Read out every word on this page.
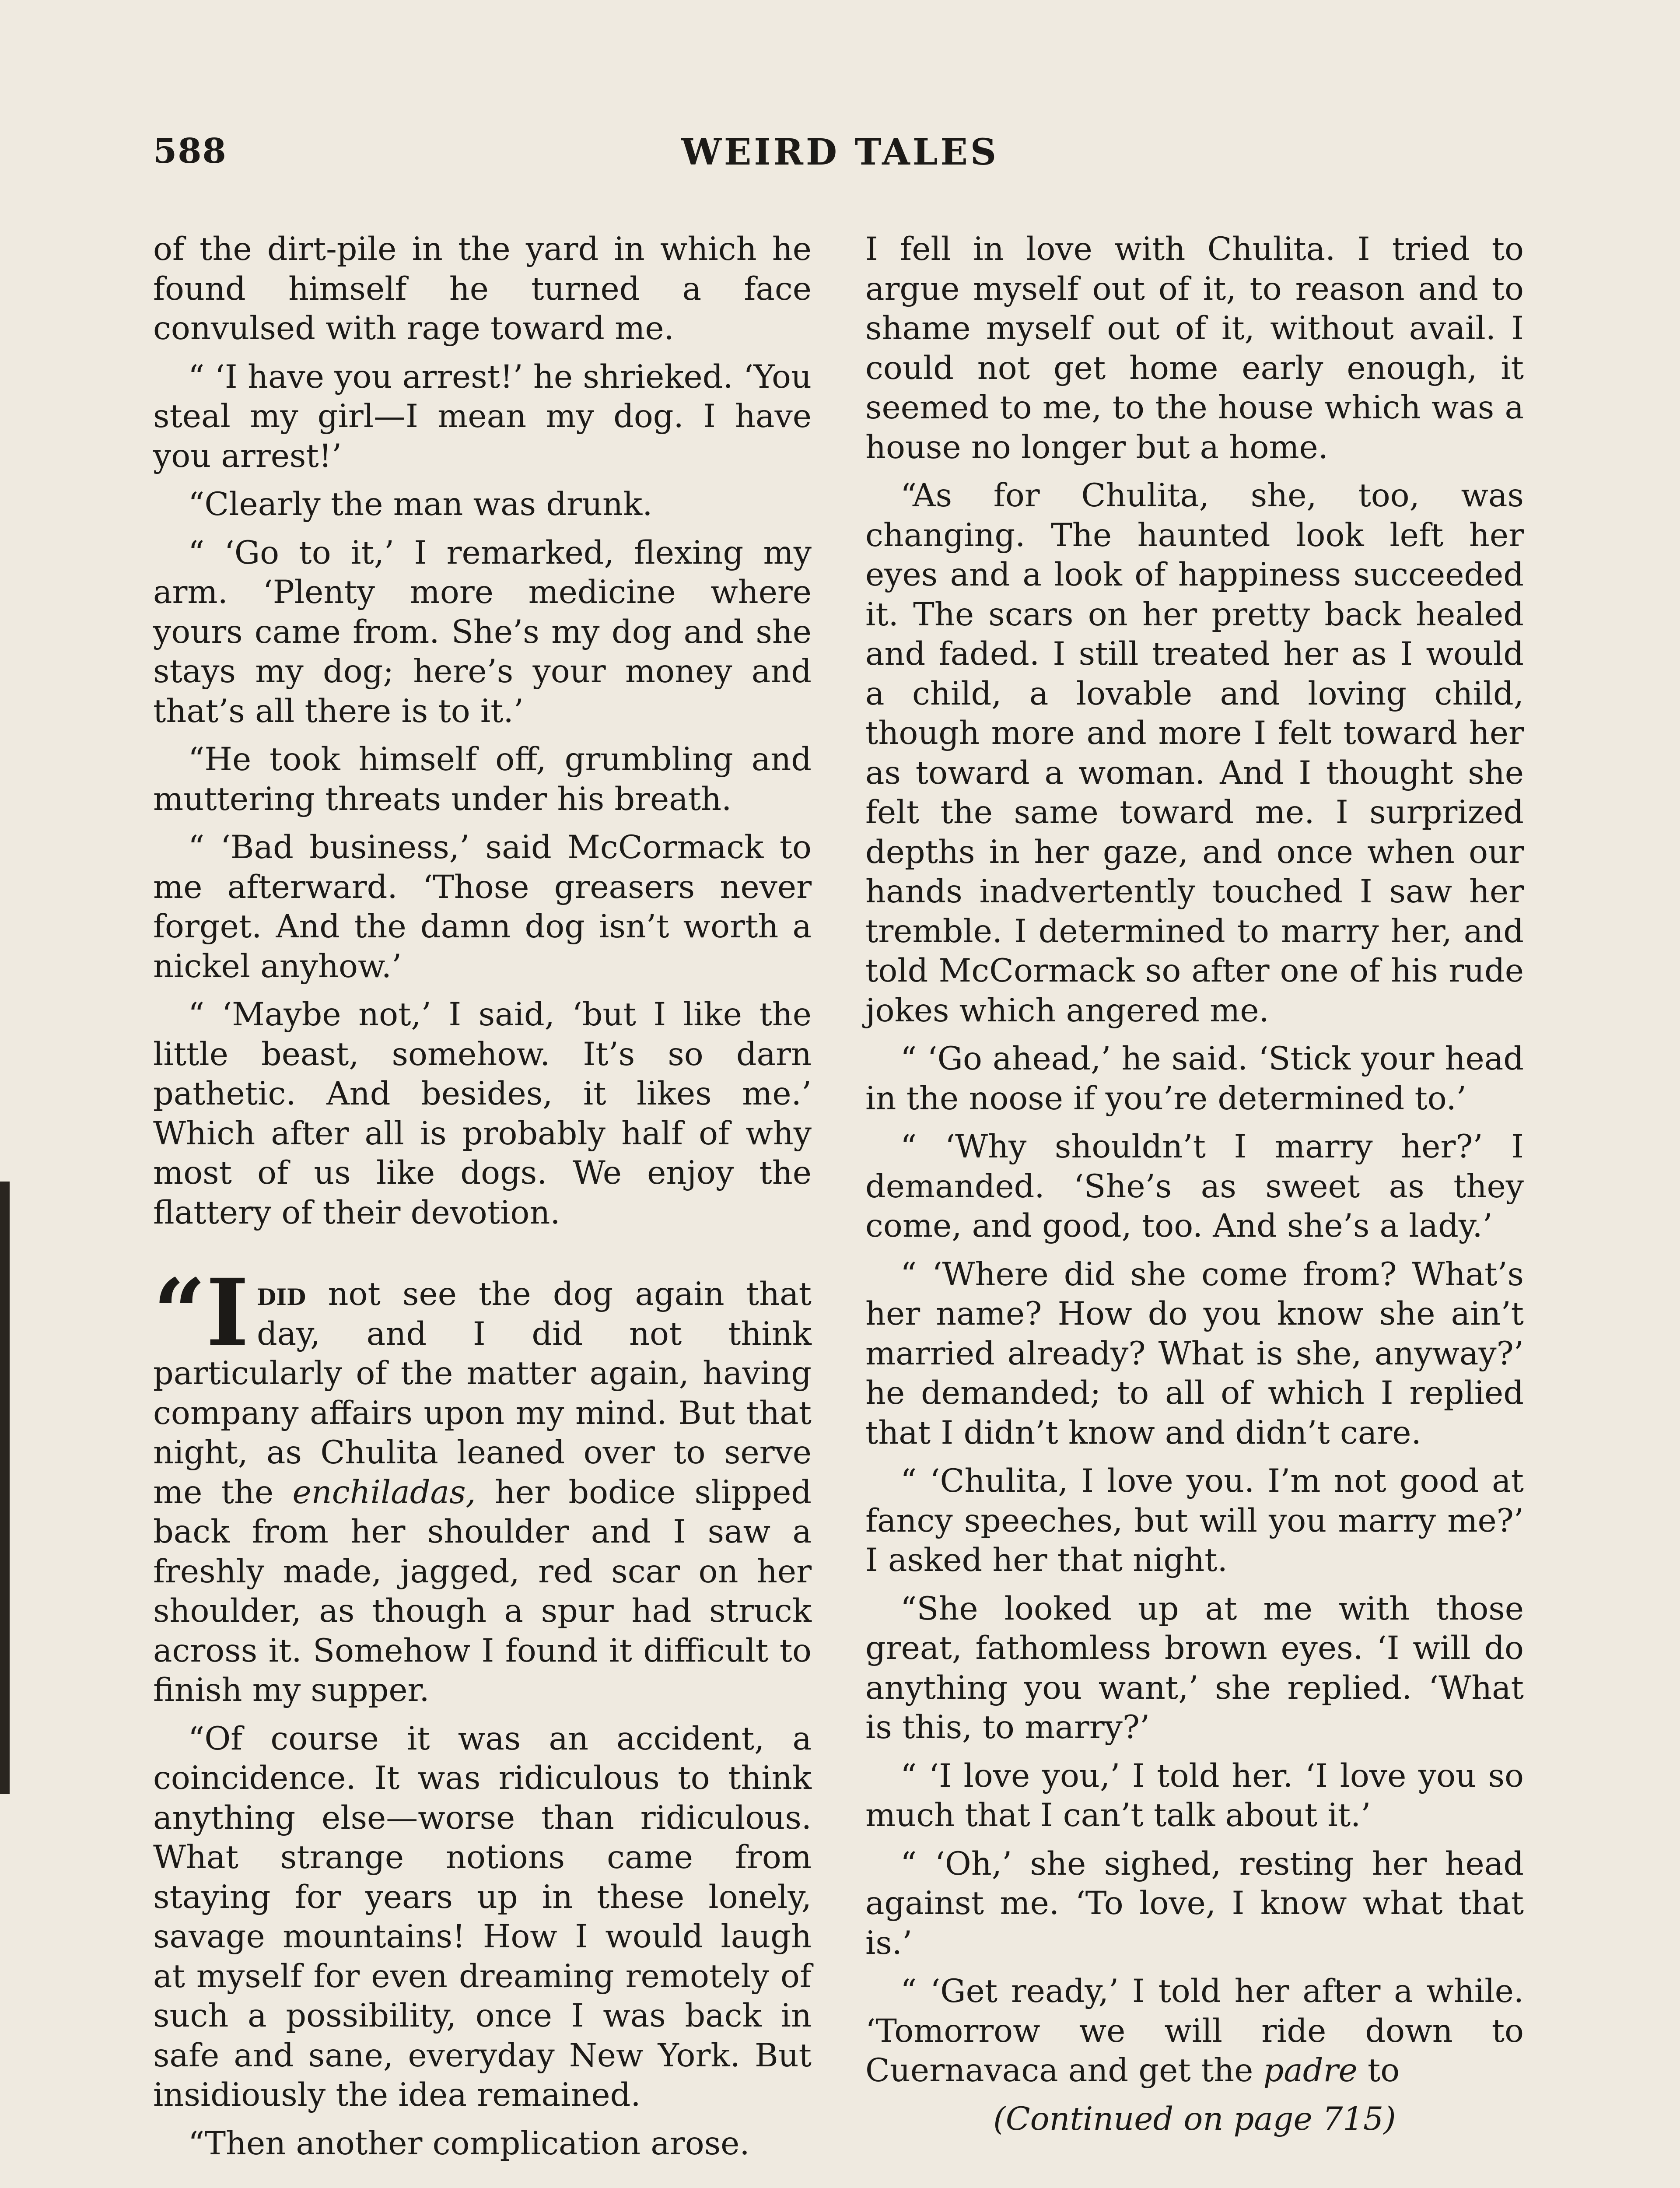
588	WEIRD TALES

of the dirt-pile in the yard in which he found himself he turned a face convulsed with rage toward me.

“ ‘I have you arrest!’ he shrieked. ‘You steal my girl—I mean my dog. I have you arrest!’

“Clearly the man was drunk.

“ ‘Go to it,’ I remarked, flexing my arm. ‘Plenty more medicine where yours came from. She’s my dog and she stays my dog; here’s your money and that’s all there is to it.’

“He took himself off, grumbling and muttering threats under his breath.

“ ‘Bad business,’ said McCormack to me afterward. ‘Those greasers never forget. And the damn dog isn’t worth a nickel anyhow.’

“ ‘Maybe not,’ I said, ‘but I like the little beast, somehow. It’s so darn pathetic. And besides, it likes me.’ Which after all is probably half of why most of us like dogs. We enjoy the flattery of their devotion.

“I did not see the dog again that day, and I did not think particularly of the matter again, having company affairs upon my mind. But that night, as Chulita leaned over to serve me the enchiladas, her bodice slipped back from her shoulder and I saw a freshly made, jagged, red scar on her shoulder, as though a spur had struck across it. Somehow I found it difficult to finish my supper.

“Of course it was an accident, a coincidence. It was ridiculous to think anything else—worse than ridiculous. What strange notions came from staying for years up in these lonely, savage mountains! How I would laugh at myself for even dreaming remotely of such a possibility, once I was back in safe and sane, everyday New York. But insidiously the idea remained.

“Then another complication arose.

I fell in love with Chulita. I tried to argue myself out of it, to reason and to shame myself out of it, without avail. I could not get home early enough, it seemed to me, to the house which was a house no longer but a home.

“As for Chulita, she, too, was changing. The haunted look left her eyes and a look of happiness succeeded it. The scars on her pretty back healed and faded. I still treated her as I would a child, a lovable and loving child, though more and more I felt toward her as toward a woman. And I thought she felt the same toward me. I surprized depths in her gaze, and once when our hands inadvertently touched I saw her tremble. I determined to marry her, and told McCormack so after one of his rude jokes which angered me.

“ ‘Go ahead,’ he said. ‘Stick your head in the noose if you’re determined to.’

“ ‘Why shouldn’t I marry her?’ I demanded. ‘She’s as sweet as they come, and good, too. And she’s a lady.’

“ ‘Where did she come from? What’s her name? How do you know she ain’t married already? What is she, anyway?’ he demanded; to all of which I replied that I didn’t know and didn’t care.

“ ‘Chulita, I love you. I’m not good at fancy speeches, but will you marry me?’ I asked her that night.

“She looked up at me with those great, fathomless brown eyes. ‘I will do anything you want,’ she replied. ‘What is this, to marry?’

“ ‘I love you,’ I told her. ‘I love you so much that I can’t talk about it.’

“ ‘Oh,’ she sighed, resting her head against me. ‘To love, I know what that is.’

“ ‘Get ready,’ I told her after a while. ‘Tomorrow we will ride down to Cuernavaca and get the padre to

(Continued on page 715)
